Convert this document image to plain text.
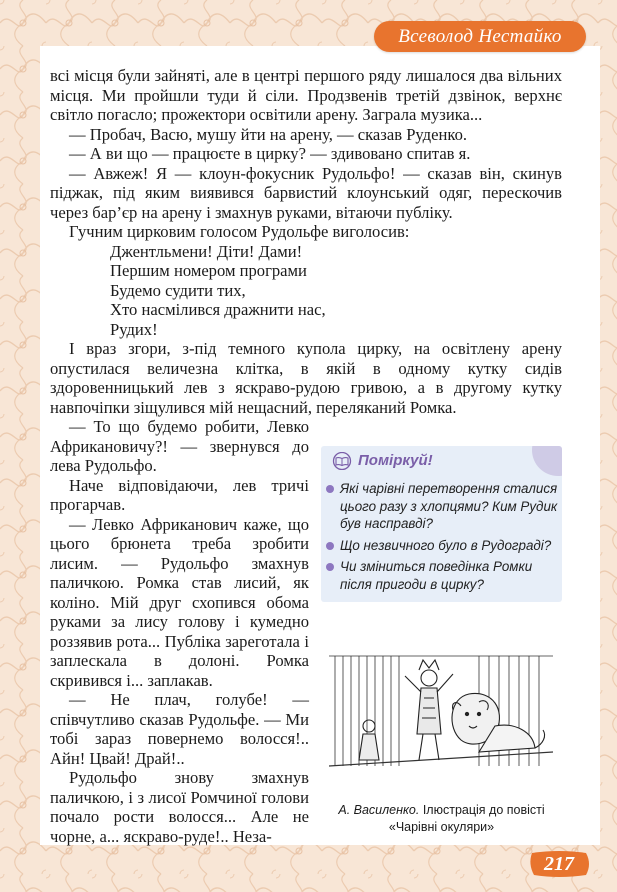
Всеволод Нестайко

всі місця були зайняті, але в центрі першого ряду лишалося два вільних місця. Ми пройшли туди й сіли. Продзвенів третій дзвінок, верхнє світло погасло; прожектори освітили арену. Заграла музика...

— Пробач, Васю, мушу йти на арену, — сказав Руденко.

— А ви що — працюєте в цирку? — здивовано спитав я.

— Авжеж! Я — клоун-фокусник Рудольфо! — сказав він, скинув піджак, під яким виявився барвистий клоунський одяг, перескочив через бар’єр на арену і змахнув руками, вітаючи публіку.

Гучним цирковим голосом Рудольфе виголосив:

Джентльмени! Діти! Дами!
Першим номером програми
Будемо судити тих,
Хто насмілився дражнити нас,
Рудих!

І враз згори, з-під темного купола цирку, на освітлену арену опустилася величезна клітка, в якій в одному кутку сидів здоровенницький лев з яскраво-рудою гривою, а в другому кутку навпочіпки зіщулився мій нещасний, переляканий Ромка.

— То що будемо робити, Левко Африкановичу?! — звернувся до лева Рудольфо.

Наче відповідаючи, лев тричі прогарчав.

— Левко Африканович каже, що цього брюнета треба зробити лисим. — Рудольфо змахнув паличкою. Ромка став лисий, як коліно. Мій друг схопився обома руками за лису голову і кумедно роззявив рота... Публіка зареготала і заплескала в долоні. Ромка скривився і... заплакав.

— Не плач, голубе! — співчутливо сказав Рудольфе. — Ми тобі зараз повернемо волосся!.. Айн! Цвай! Драй!..

Рудольфо знову змахнув паличкою, і з лисої Ромчиної голови почало рости волосся... Але не чорне, а... яскраво-руде!.. Неза-

Поміркуй!
Які чарівні перетворення сталися цього разу з хлопцями? Ким Рудик був насправді?
Що незвичного було в Рудограді?
Чи зміниться поведінка Ромки після пригоди в цирку?
А. Василенко. Ілюстрація до повісті «Чарівні окуляри»
217
